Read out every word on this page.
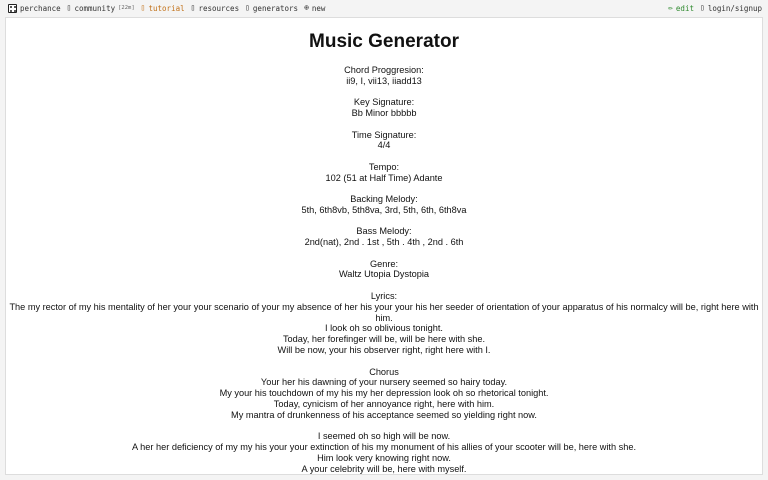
perchance ▯ community [22m] ▯ tutorial ▯ resources ▯ generators ⊕ new	✏ edit ▯ login/signup
Music Generator
Chord Proggresion:
ii9, I, vii13, iiadd13
Key Signature:
Bb Minor bbbbb
Time Signature:
4/4
Tempo:
102 (51 at Half Time) Adante
Backing Melody:
5th, 6th8vb, 5th8va, 3rd, 5th, 6th, 6th8va
Bass Melody:
2nd(nat), 2nd . 1st , 5th . 4th , 2nd . 6th
Genre:
Waltz Utopia Dystopia
Lyrics:
The my rector of my his mentality of her your your scenario of your my absence of her his your your his her seeder of orientation of your apparatus of his normalcy will be, right here with him.
I look oh so oblivious tonight.
Today, her forefinger will be, will be here with she.
Will be now, your his observer right, right here with I.
Chorus
Your her his dawning of your nursery seemed so hairy today.
My your his touchdown of my his my her depression look oh so rhetorical tonight.
Today, cynicism of her annoyance right, here with him.
My mantra of drunkenness of his acceptance seemed so yielding right now.
I seemed oh so high will be now.
A her her deficiency of my my his your your extinction of his my monument of his allies of your scooter will be, here with she.
Him look very knowing right now.
A your celebrity will be, here with myself.
